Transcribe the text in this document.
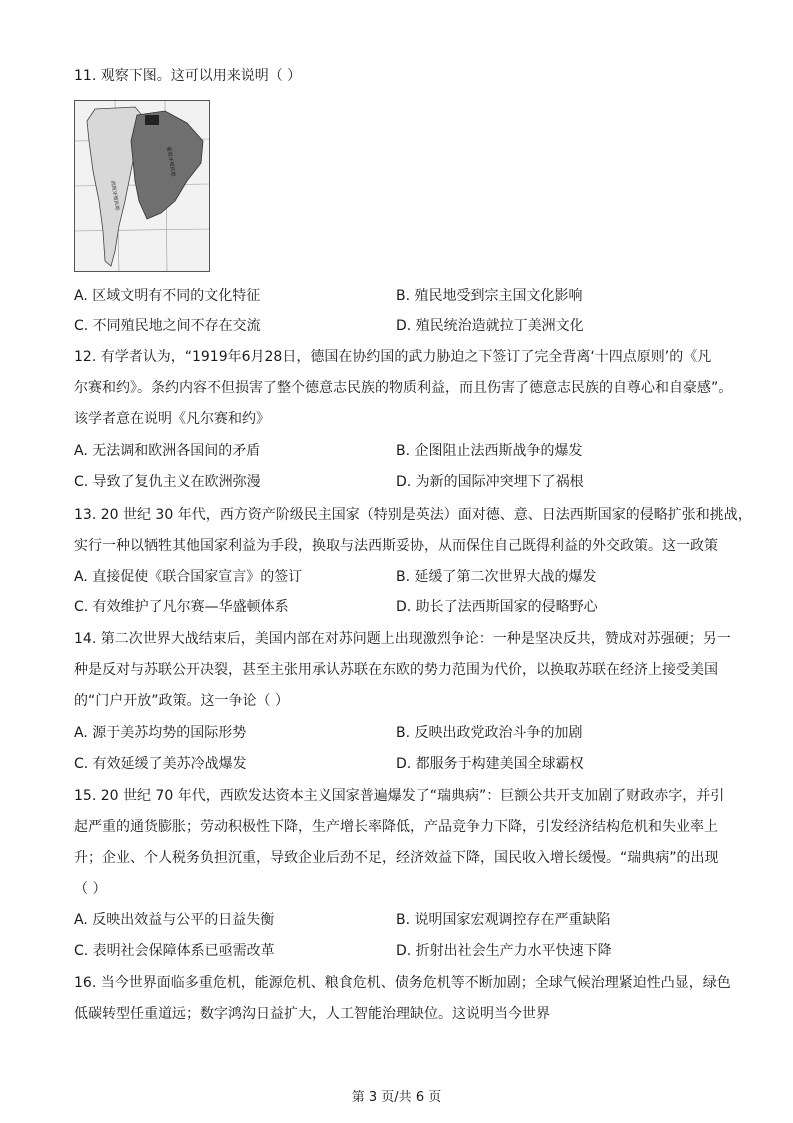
11. 观察下图。这可以用来说明（ ）
葡萄牙殖民地
西班牙殖民地
A. 区域文明有不同的文化特征	B. 殖民地受到宗主国文化影响
C. 不同殖民地之间不存在交流	D. 殖民统治造就拉丁美洲文化
12. 有学者认为，“1919年6月28日，德国在协约国的武力胁迫之下签订了完全背离‘十四点原则’的《凡
尔赛和约》。条约内容不但损害了整个德意志民族的物质利益，而且伤害了德意志民族的自尊心和自豪感”。
该学者意在说明《凡尔赛和约》
A. 无法调和欧洲各国间的矛盾	B. 企图阻止法西斯战争的爆发
C. 导致了复仇主义在欧洲弥漫	D. 为新的国际冲突埋下了祸根
13. 20 世纪 30 年代，西方资产阶级民主国家（特别是英法）面对德、意、日法西斯国家的侵略扩张和挑战，
实行一种以牺牲其他国家利益为手段，换取与法西斯妥协，从而保住自己既得利益的外交政策。这一政策
A. 直接促使《联合国家宣言》的签订	B. 延缓了第二次世界大战的爆发
C. 有效维护了凡尔赛—华盛顿体系	D. 助长了法西斯国家的侵略野心
14. 第二次世界大战结束后，美国内部在对苏问题上出现激烈争论：一种是坚决反共，赞成对苏强硬；另一
种是反对与苏联公开决裂，甚至主张用承认苏联在东欧的势力范围为代价，以换取苏联在经济上接受美国
的“门户开放”政策。这一争论（ ）
A. 源于美苏均势的国际形势	B. 反映出政党政治斗争的加剧
C. 有效延缓了美苏冷战爆发	D. 都服务于构建美国全球霸权
15. 20 世纪 70 年代，西欧发达资本主义国家普遍爆发了“瑞典病”：巨额公共开支加剧了财政赤字，并引
起严重的通货膨胀；劳动积极性下降，生产增长率降低，产品竞争力下降，引发经济结构危机和失业率上
升；企业、个人税务负担沉重，导致企业后劲不足，经济效益下降，国民收入增长缓慢。“瑞典病”的出现
（ ）
A. 反映出效益与公平的日益失衡	B. 说明国家宏观调控存在严重缺陷
C. 表明社会保障体系已亟需改革	D. 折射出社会生产力水平快速下降
16. 当今世界面临多重危机，能源危机、粮食危机、债务危机等不断加剧；全球气候治理紧迫性凸显，绿色
低碳转型任重道远；数字鸿沟日益扩大，人工智能治理缺位。这说明当今世界
第 3 页/共 6 页
